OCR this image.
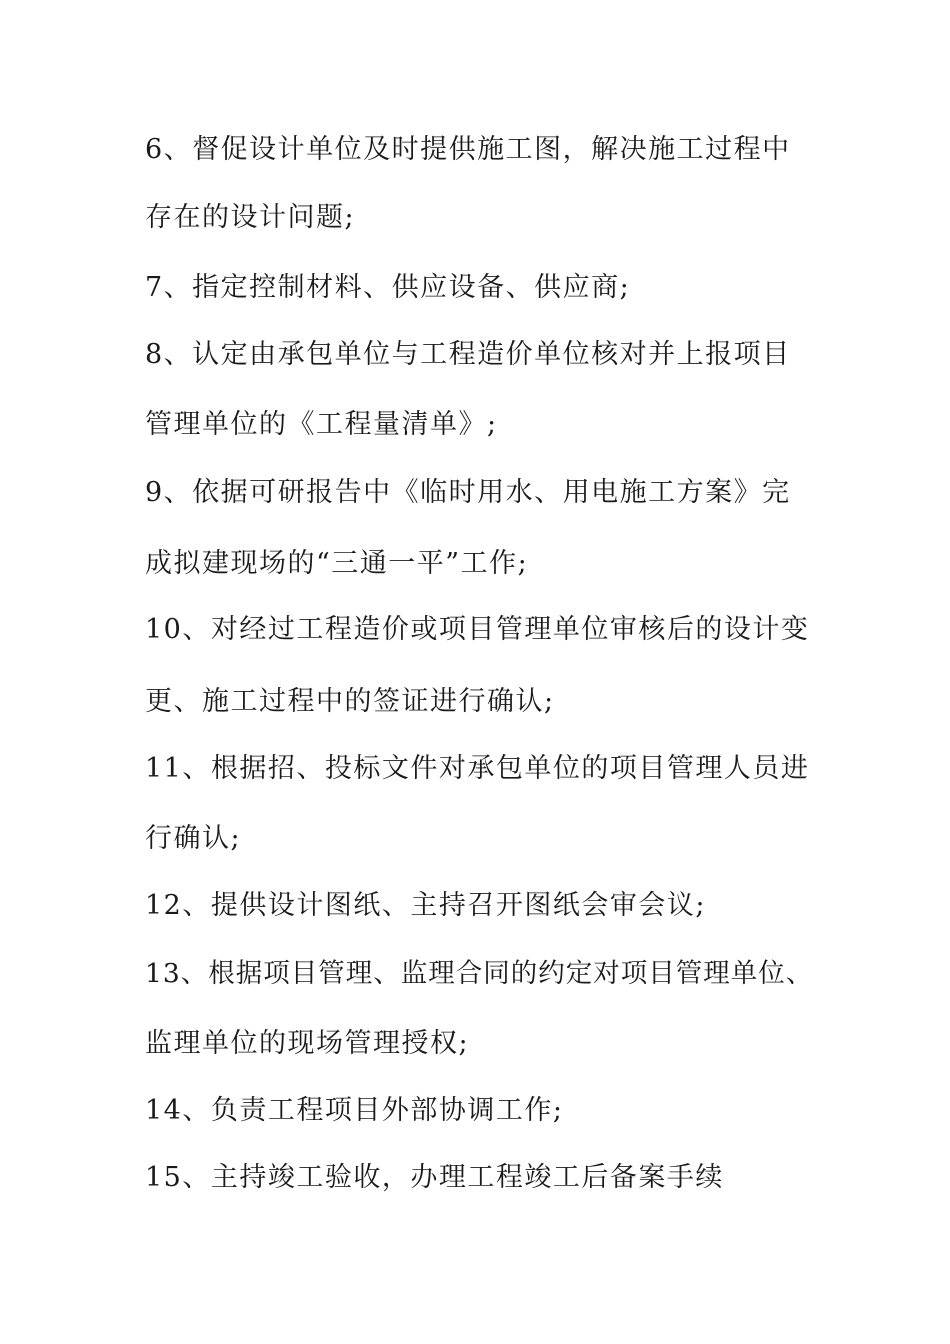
6、督促设计单位及时提供施工图，解决施工过程中
存在的设计问题;
7、指定控制材料、供应设备、供应商;
8、认定由承包单位与工程造价单位核对并上报项目
管理单位的《工程量清单》;
9、依据可研报告中《临时用水、用电施工方案》完
成拟建现场的“三通一平”工作;
10、对经过工程造价或项目管理单位审核后的设计变
更、施工过程中的签证进行确认;
11、根据招、投标文件对承包单位的项目管理人员进
行确认;
12、提供设计图纸、主持召开图纸会审会议;
13、根据项目管理、监理合同的约定对项目管理单位、
监理单位的现场管理授权;
14、负责工程项目外部协调工作;
15、主持竣工验收，办理工程竣工后备案手续
